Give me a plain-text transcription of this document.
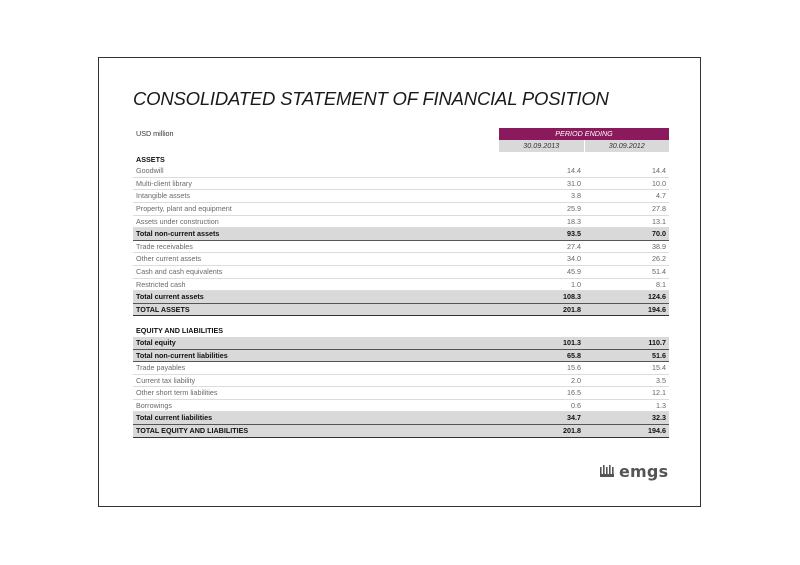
CONSOLIDATED STATEMENT OF FINANCIAL POSITION
USD million	PERIOD ENDING	
	30.09.2013	30.09.2012
ASSETS		
Goodwill	14.4	14.4
Multi-client library	31.0	10.0
Intangible assets	3.8	4.7
Property, plant and equipment	25.9	27.8
Assets under construction	18.3	13.1
Total non-current assets	93.5	70.0
Trade receivables	27.4	38.9
Other current assets	34.0	26.2
Cash and cash equivalents	45.9	51.4
Restricted cash	1.0	8.1
Total current assets	108.3	124.6
TOTAL ASSETS	201.8	194.6

EQUITY AND LIABILITIES		
Total equity	101.3	110.7
Total non-current liabilities	65.8	51.6
Trade payables	15.6	15.4
Current tax liability	2.0	3.5
Other short term liabilities	16.5	12.1
Borrowings	0.6	1.3
Total current liabilities	34.7	32.3
TOTAL EQUITY AND LIABILITIES	201.8	194.6
emgs
